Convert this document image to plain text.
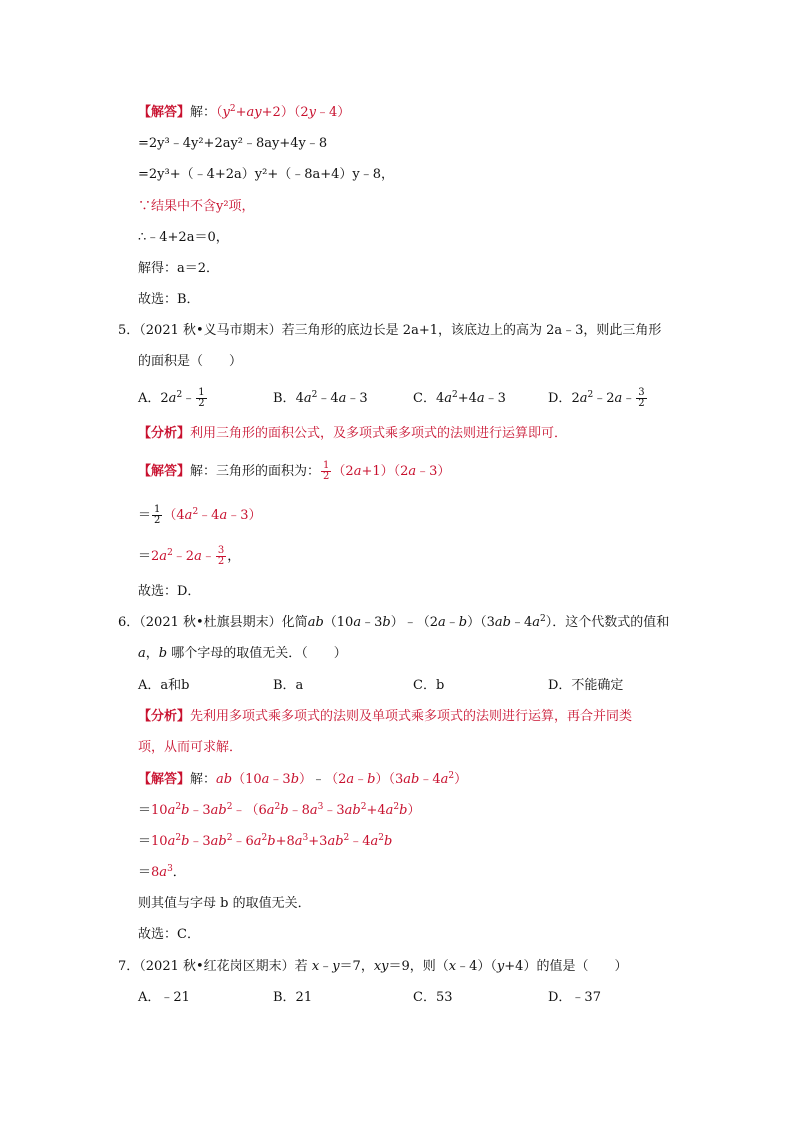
【解答】解：$(y^2+ay+2)(2y﹣4)$
=2y³﹣4y²+2ay²﹣8ay+4y﹣8
=2y³+（﹣4+2a）y²+（﹣8a+4）y﹣8，
∵结果中不含y²项，
∴﹣4+2a＝0，
解得：a＝2．
故选：B．
5．（2021 秋•义马市期末）若三角形的底边长是 2a+1，该底边上的高为 2a﹣3，则此三角形
的面积是（　　）
A．$2a^2﹣ \frac{1}{2}$	B．$4a^2﹣4a﹣3$	C．$4a^2+4a﹣3$	D．$2a^2﹣2a﹣ \frac{3}{2}$
【分析】利用三角形的面积公式，及多项式乘多项式的法则进行运算即可．
【解答】解：三角形的面积为： $\frac{1}{2}$ （2a+1）（2a﹣3）
＝ $\frac{1}{2}$ $(4a^2﹣4a﹣3)$
$=2a^2﹣2a﹣ \frac{3}{2}$ ，
故选：D．
6．（2021 秋•杜旗县期末）化简$ab(10a﹣3b)﹣(2a﹣b)(3ab﹣4a^2)$．这个代数式的值和
a，b 哪个字母的取值无关．（　　）
A．a和b	B．a	C．b	D．不能确定
【分析】先利用多项式乘多项式的法则及单项式乘多项式的法则进行运算，再合并同类
项，从而可求解．
【解答】解：$ab(10a﹣3b)﹣(2a﹣b)(3ab﹣4a^2)$
$=10a^2b﹣3ab^2﹣(6a^2b﹣8a^3﹣3ab^2+4a^2b)$
$=10a^2b﹣3ab^2﹣6a^2b+8a^3+3ab^2﹣4a^2b$
$=8a^3$．
则其值与字母 b 的取值无关．
故选：C．
7．（2021 秋•红花岗区期末）若 x﹣y＝7，xy＝9，则（x﹣4）（y+4）的值是（　　）
A．﹣21	B．21	C．53	D．﹣37
